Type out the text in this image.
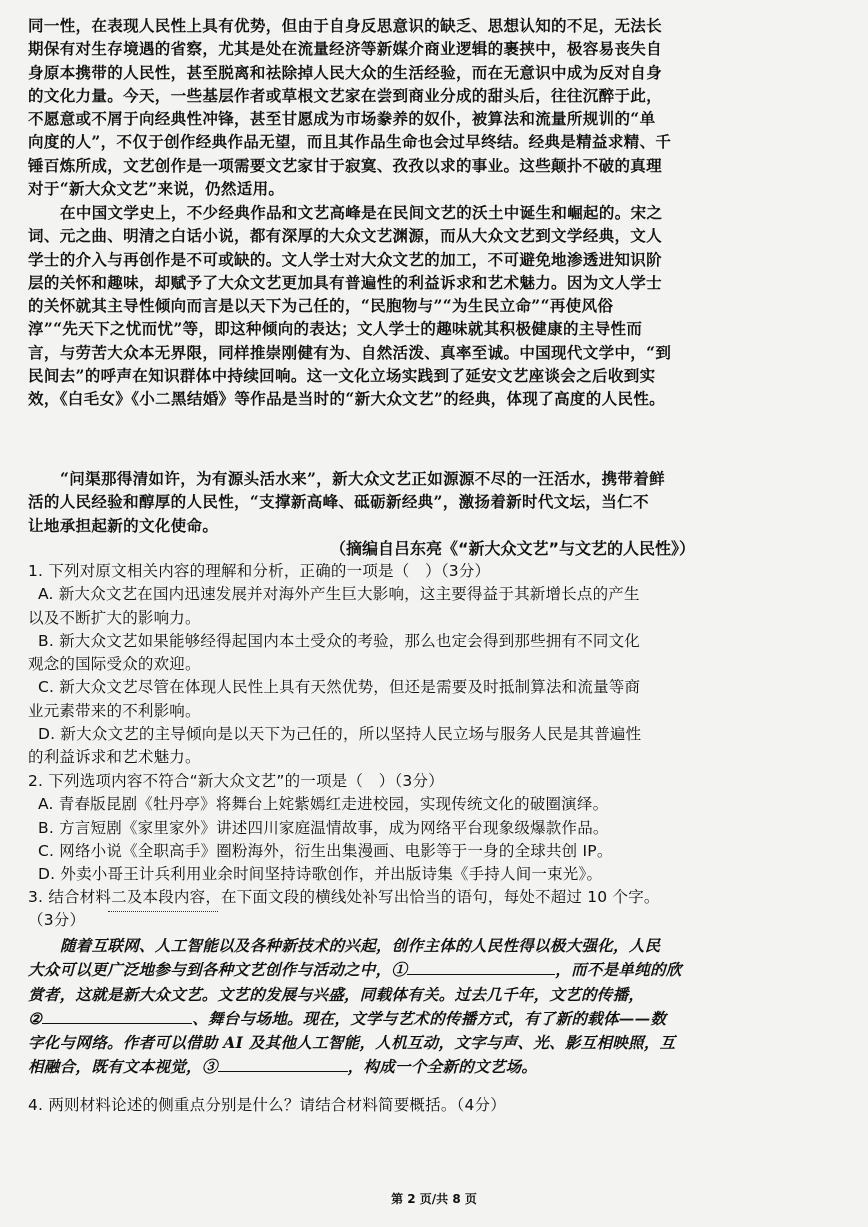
同一性，在表现人民性上具有优势，但由于自身反思意识的缺乏、思想认知的不足，无法长
期保有对生存境遇的省察，尤其是处在流量经济等新媒介商业逻辑的裹挟中，极容易丧失自
身原本携带的人民性，甚至脱离和祛除掉人民大众的生活经验，而在无意识中成为反对自身
的文化力量。今天，一些基层作者或草根文艺家在尝到商业分成的甜头后，往往沉醉于此，
不愿意或不屑于向经典性冲锋，甚至甘愿成为市场豢养的奴仆，被算法和流量所规训的“单
向度的人”，不仅于创作经典作品无望，而且其作品生命也会过早终结。经典是精益求精、千
锤百炼所成，文艺创作是一项需要文艺家甘于寂寞、孜孜以求的事业。这些颠扑不破的真理
对于“新大众文艺”来说，仍然适用。
在中国文学史上，不少经典作品和文艺高峰是在民间文艺的沃土中诞生和崛起的。宋之
词、元之曲、明清之白话小说，都有深厚的大众文艺渊源，而从大众文艺到文学经典，文人
学士的介入与再创作是不可或缺的。文人学士对大众文艺的加工，不可避免地渗透进知识阶
层的关怀和趣味，却赋予了大众文艺更加具有普遍性的利益诉求和艺术魅力。因为文人学士
的关怀就其主导性倾向而言是以天下为己任的，“民胞物与”“为生民立命”“再使风俗
淳”“先天下之忧而忧”等，即这种倾向的表达；文人学士的趣味就其积极健康的主导性而
言，与劳苦大众本无界限，同样推崇刚健有为、自然活泼、真率至诚。中国现代文学中，“到
民间去”的呼声在知识群体中持续回响。这一文化立场实践到了延安文艺座谈会之后收到实
效，《白毛女》《小二黑结婚》等作品是当时的“新大众文艺”的经典，体现了高度的人民性。
“问渠那得清如许，为有源头活水来”，新大众文艺正如源源不尽的一汪活水，携带着鲜
活的人民经验和醇厚的人民性，“支撑新高峰、砥砺新经典”，激扬着新时代文坛，当仁不
让地承担起新的文化使命。
（摘编自吕东亮《“新大众文艺”与文艺的人民性》）
1. 下列对原文相关内容的理解和分析，正确的一项是（　）（3分）
A. 新大众文艺在国内迅速发展并对海外产生巨大影响，这主要得益于其新增长点的产生
以及不断扩大的影响力。
B. 新大众文艺如果能够经得起国内本土受众的考验，那么也定会得到那些拥有不同文化
观念的国际受众的欢迎。
C. 新大众文艺尽管在体现人民性上具有天然优势，但还是需要及时抵制算法和流量等商
业元素带来的不利影响。
D. 新大众文艺的主导倾向是以天下为己任的，所以坚持人民立场与服务人民是其普遍性
的利益诉求和艺术魅力。
2. 下列选项内容不符合“新大众文艺”的一项是（　）（3分）
A. 青春版昆剧《牡丹亭》将舞台上姹紫嫣红走进校园，实现传统文化的破圈演绎。
B. 方言短剧《家里家外》讲述四川家庭温情故事，成为网络平台现象级爆款作品。
C. 网络小说《全职高手》圈粉海外，衍生出集漫画、电影等于一身的全球共创 IP。
D. 外卖小哥王计兵利用业余时间坚持诗歌创作，并出版诗集《手持人间一束光》。
3. 结合材料二及本段内容，在下面文段的横线处补写出恰当的语句，每处不超过 10 个字。
（3分）
随着互联网、人工智能以及各种新技术的兴起，创作主体的人民性得以极大强化，人民
大众可以更广泛地参与到各种文艺创作与活动之中，①	，而不是单纯的欣
赏者，这就是新大众文艺。文艺的发展与兴盛，同载体有关。过去几千年，文艺的传播，
②	、舞台与场地。现在，文学与艺术的传播方式，有了新的载体——数
字化与网络。作者可以借助 AI 及其他人工智能，人机互动，文字与声、光、影互相映照，互
相融合，既有文本视觉，③	，构成一个全新的文艺场。
4. 两则材料论述的侧重点分别是什么？请结合材料简要概括。（4分）
第 2 页/共 8 页
